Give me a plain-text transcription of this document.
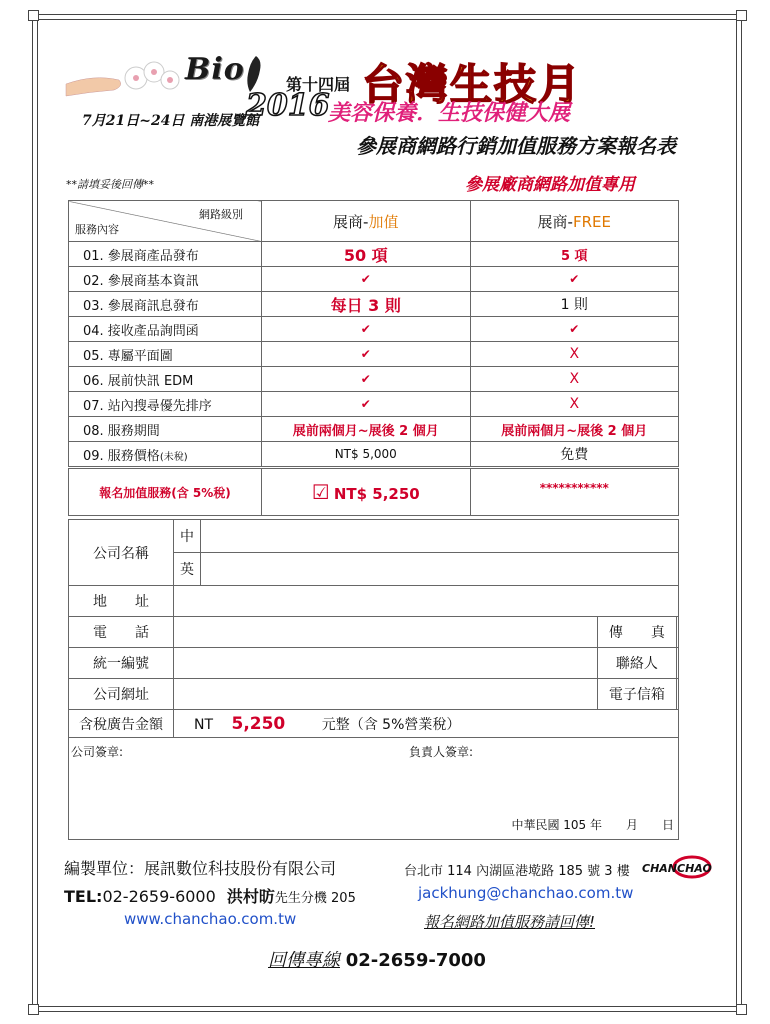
Bio	第十四屆
2016 台灣生技月
美容保養．生技保健大展
7月21日~24日 南港展覽館
參展商網路行銷加值服務方案報名表
**請填妥後回傳**	參展廠商網路加值專用
網路級別
服務內容	展商-加值	展商-FREE
01. 參展商產品發布	50 項	5 項
02. 參展商基本資訊	✔	✔
03. 參展商訊息發布	每日 3 則	1 則
04. 接收產品詢問函	✔	✔
05. 專屬平面圖	✔	X
06. 展前快訊 EDM	✔	X
07. 站內搜尋優先排序	✔	X
08. 服務期間	展前兩個月~展後 2 個月	展前兩個月~展後 2 個月
09. 服務價格(未稅)	NT$ 5,000	免費
報名加值服務(含 5%稅)	☑ NT$ 5,250	***********
公司名稱	中			
	英			
地　　址				
電　　話			傳　　真	
統一編號			聯絡人	
公司網址			電子信箱	
含稅廣告金額	NT 5,250 元整（含 5%營業稅）			

公司簽章: 負責人簽章:
中華民國 105 年　　月　　日				
編製單位：展訊數位科技股份有限公司	台北市 114 內湖區港墘路 185 號 3 樓 CHANCHAO
TEL:02-2659-6000 洪村昉先生分機 205	jackhung@chanchao.com.tw
www.chanchao.com.tw	報名網路加值服務請回傳!
回傳專線 02-2659-7000
